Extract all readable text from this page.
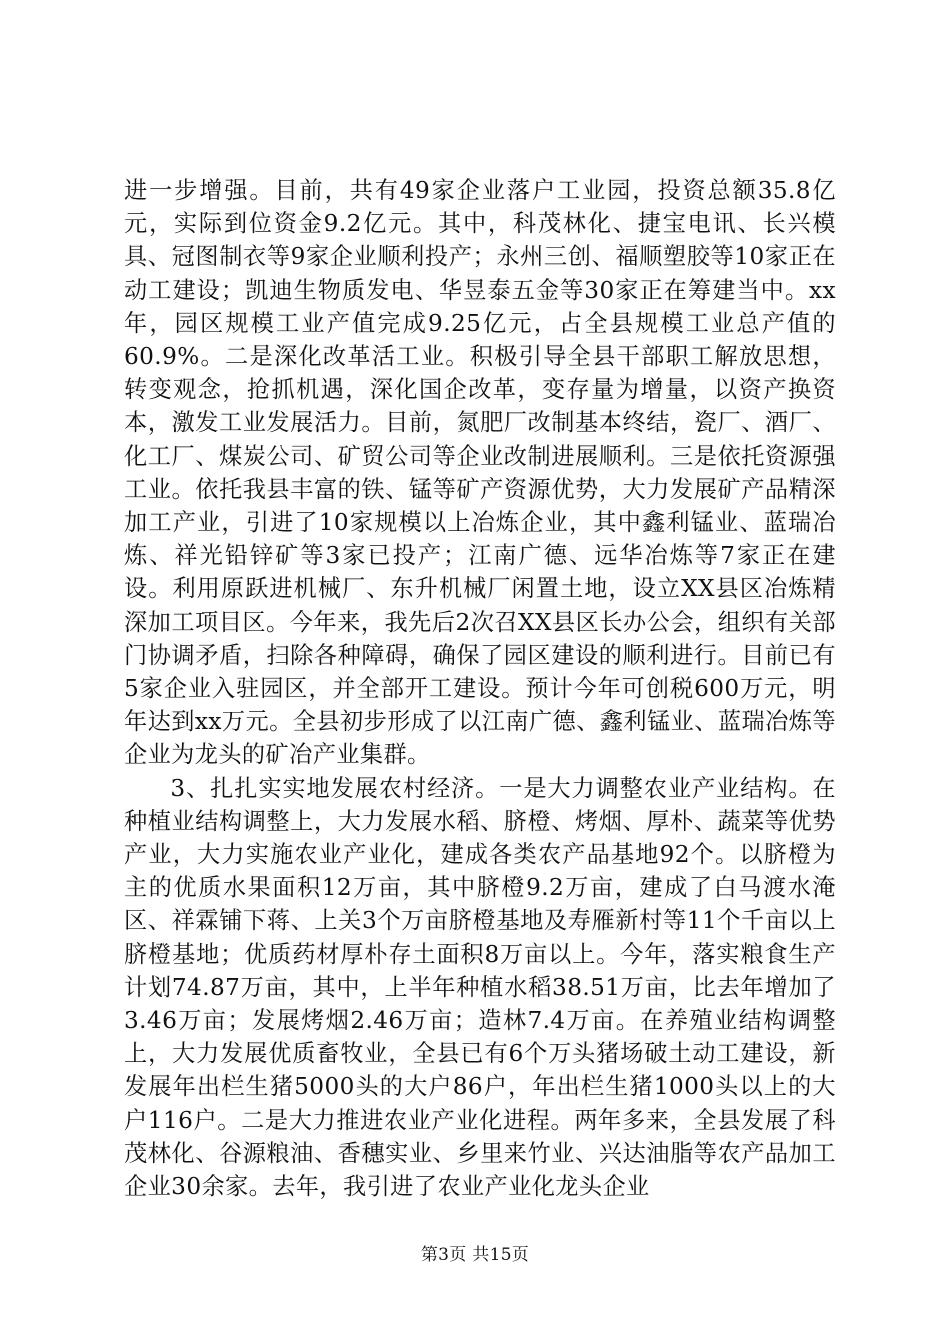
进一步增强。目前，共有49家企业落户工业园，投资总额35.8亿元，实际到位资金9.2亿元。其中，科茂林化、捷宝电讯、长兴模具、冠图制衣等9家企业顺利投产；永州三创、福顺塑胶等10家正在动工建设；凯迪生物质发电、华昱泰五金等30家正在筹建当中。xx年，园区规模工业产值完成9.25亿元，占全县规模工业总产值的60.9%。二是深化改革活工业。积极引导全县干部职工解放思想，转变观念，抢抓机遇，深化国企改革，变存量为增量，以资产换资本，激发工业发展活力。目前，氮肥厂改制基本终结，瓷厂、酒厂、化工厂、煤炭公司、矿贸公司等企业改制进展顺利。三是依托资源强工业。依托我县丰富的铁、锰等矿产资源优势，大力发展矿产品精深加工产业，引进了10家规模以上冶炼企业，其中鑫利锰业、蓝瑞冶炼、祥光铅锌矿等3家已投产；江南广德、远华冶炼等7家正在建设。利用原跃进机械厂、东升机械厂闲置土地，设立XX县区冶炼精深加工项目区。今年来，我先后2次召XX县区长办公会，组织有关部门协调矛盾，扫除各种障碍，确保了园区建设的顺利进行。目前已有5家企业入驻园区，并全部开工建设。预计今年可创税600万元，明年达到xx万元。全县初步形成了以江南广德、鑫利锰业、蓝瑞冶炼等企业为龙头的矿冶产业集群。

3、扎扎实实地发展农村经济。一是大力调整农业产业结构。在种植业结构调整上，大力发展水稻、脐橙、烤烟、厚朴、蔬菜等优势产业，大力实施农业产业化，建成各类农产品基地92个。以脐橙为主的优质水果面积12万亩，其中脐橙9.2万亩，建成了白马渡水淹区、祥霖铺下蒋、上关3个万亩脐橙基地及寿雁新村等11个千亩以上脐橙基地；优质药材厚朴存土面积8万亩以上。今年，落实粮食生产计划74.87万亩，其中，上半年种植水稻38.51万亩，比去年增加了3.46万亩；发展烤烟2.46万亩；造林7.4万亩。在养殖业结构调整上，大力发展优质畜牧业，全县已有6个万头猪场破土动工建设，新发展年出栏生猪5000头的大户86户，年出栏生猪1000头以上的大户116户。二是大力推进农业产业化进程。两年多来，全县发展了科茂林化、谷源粮油、香穗实业、乡里来竹业、兴达油脂等农产品加工企业30余家。去年，我引进了农业产业化龙头企业

第3页 共15页
